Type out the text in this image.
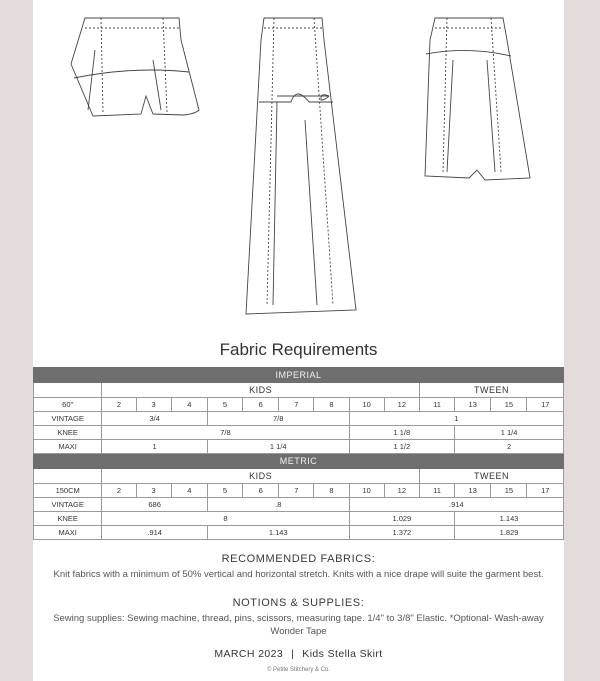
Fabric Requirements
IMPERIAL													
	KIDS									TWEEN			
60"	2	3	4	5	6	7	8	10	12	11	13	15	17
VINTAGE	3/4			7/8				1					
KNEE	7/8							1 1/8			1 1/4		
MAXI	1			1 1/4				1 1/2			2		
METRIC													
	KIDS									TWEEN			
150CM	2	3	4	5	6	7	8	10	12	11	13	15	17
VINTAGE	686			.8				.914					
KNEE	8							1.029			1.143		
MAXI	.914			1.143				1.372			1.829		
RECOMMENDED FABRICS:
Knit fabrics with a minimum of 50% vertical and horizontal stretch. Knits with a nice drape will suite the garment best.
NOTIONS & SUPPLIES:
Sewing supplies: Sewing machine, thread, pins, scissors, measuring tape. 1/4" to 3/8" Elastic. *Optional- Wash-away Wonder Tape
MARCH 2023 | Kids Stella Skirt
© Petite Stitchery & Co.
